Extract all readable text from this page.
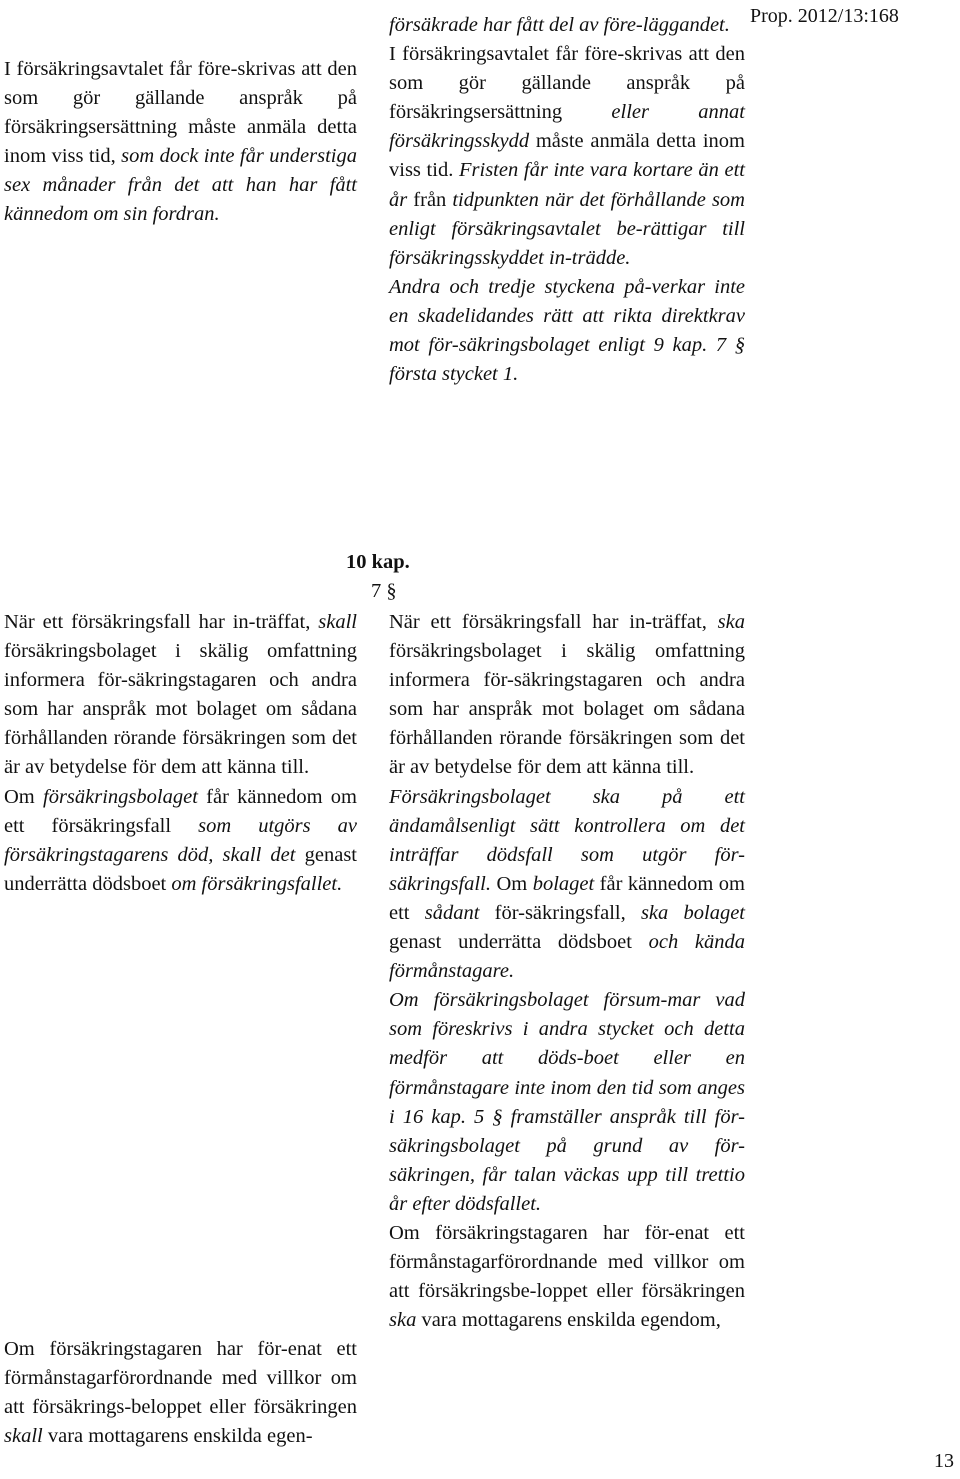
Prop. 2012/13:168

I försäkringsavtalet får före-skrivas att den som gör gällande anspråk på försäkringsersättning måste anmäla detta inom viss tid, som dock inte får understiga sex månader från det att han har fått kännedom om sin fordran.

försäkrade har fått del av före-läggandet.

I försäkringsavtalet får före-skrivas att den som gör gällande anspråk på försäkringsersättning eller annat försäkringsskydd måste anmäla detta inom viss tid. Fristen får inte vara kortare än ett år från tidpunkten när det förhållande som enligt försäkringsavtalet be-rättigar till försäkringsskyddet in-trädde.

Andra och tredje styckena på-verkar inte en skadelidandes rätt att rikta direktkrav mot för-säkringsbolaget enligt 9 kap. 7 § första stycket 1.

10 kap.
7 §

När ett försäkringsfall har in-träffat, skall försäkringsbolaget i skälig omfattning informera för-säkringstagaren och andra som har anspråk mot bolaget om sådana förhållanden rörande försäkringen som det är av betydelse för dem att känna till.

Om försäkringsbolaget får kännedom om ett försäkringsfall som utgörs av försäkringstagarens död, skall det genast underrätta dödsboet om försäkringsfallet.

Om försäkringstagaren har för-enat ett förmånstagarförordnande med villkor om att försäkrings-beloppet eller försäkringen skall vara mottagarens enskilda egen-

När ett försäkringsfall har in-träffat, ska försäkringsbolaget i skälig omfattning informera för-säkringstagaren och andra som har anspråk mot bolaget om sådana förhållanden rörande försäkringen som det är av betydelse för dem att känna till.

Försäkringsbolaget ska på ett ändamålsenligt sätt kontrollera om det inträffar dödsfall som utgör för-säkringsfall. Om bolaget får kännedom om ett sådant för-säkringsfall, ska bolaget genast underrätta dödsboet och kända förmånstagare.

Om försäkringsbolaget försum-mar vad som föreskrivs i andra stycket och detta medför att döds-boet eller en förmånstagare inte inom den tid som anges i 16 kap. 5 § framställer anspråk till för-säkringsbolaget på grund av för-säkringen, får talan väckas upp till trettio år efter dödsfallet.

Om försäkringstagaren har för-enat ett förmånstagarförordnande med villkor om att försäkringsbe-loppet eller försäkringen ska vara mottagarens enskilda egendom,

13
